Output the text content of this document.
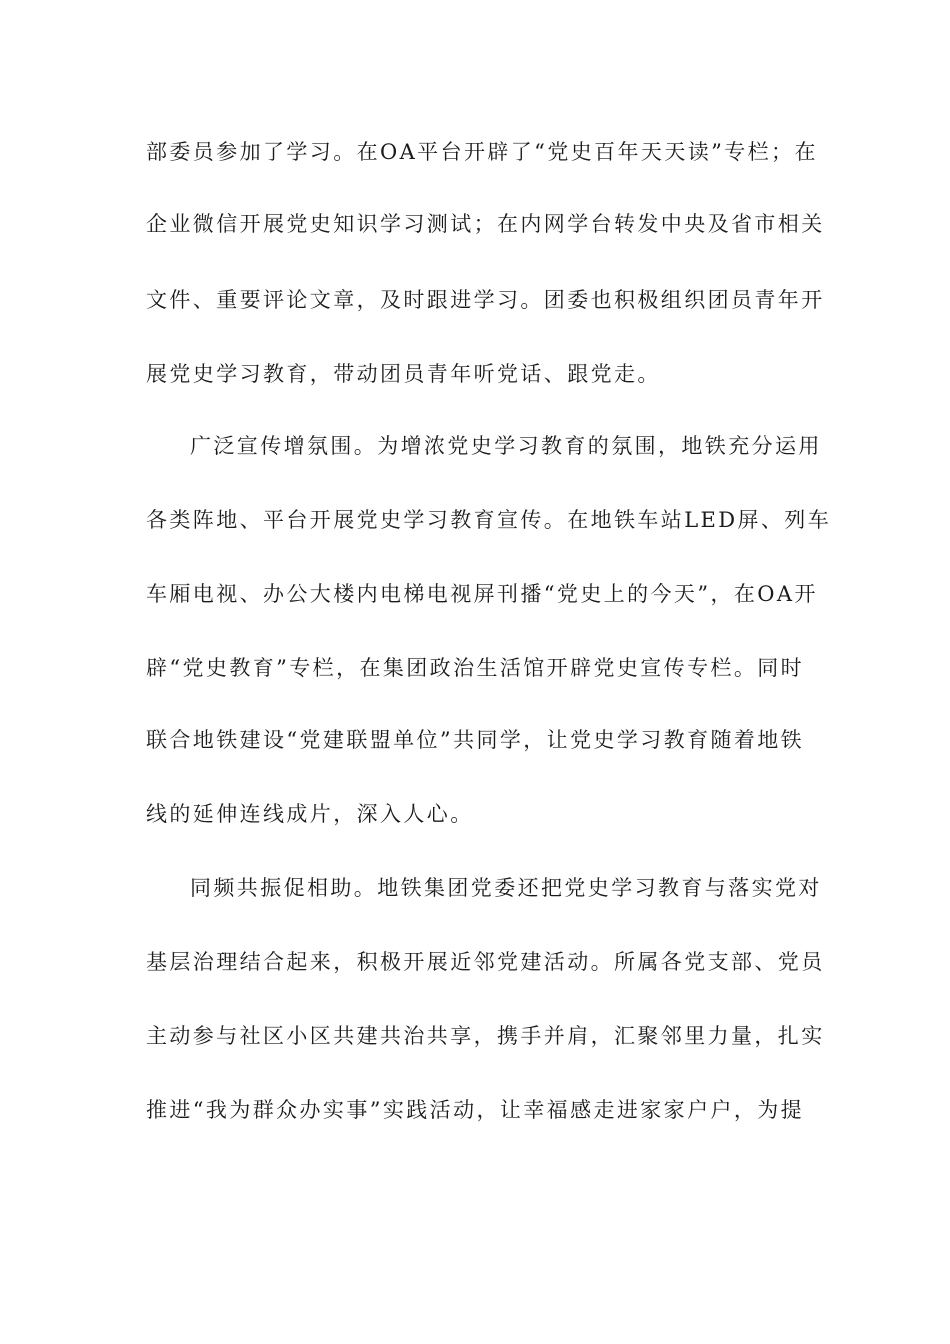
部委员参加了学习。在OA平台开辟了“党史百年天天读”专栏；在
企业微信开展党史知识学习测试；在内网学台转发中央及省市相关
文件、重要评论文章，及时跟进学习。团委也积极组织团员青年开
展党史学习教育，带动团员青年听党话、跟党走。
广泛宣传增氛围。为增浓党史学习教育的氛围，地铁充分运用
各类阵地、平台开展党史学习教育宣传。在地铁车站LED屏、列车
车厢电视、办公大楼内电梯电视屏刊播“党史上的今天”，在OA开
辟“党史教育”专栏，在集团政治生活馆开辟党史宣传专栏。同时
联合地铁建设“党建联盟单位”共同学，让党史学习教育随着地铁
线的延伸连线成片，深入人心。
同频共振促相助。地铁集团党委还把党史学习教育与落实党对
基层治理结合起来，积极开展近邻党建活动。所属各党支部、党员
主动参与社区小区共建共治共享，携手并肩，汇聚邻里力量，扎实
推进“我为群众办实事”实践活动，让幸福感走进家家户户，为提
